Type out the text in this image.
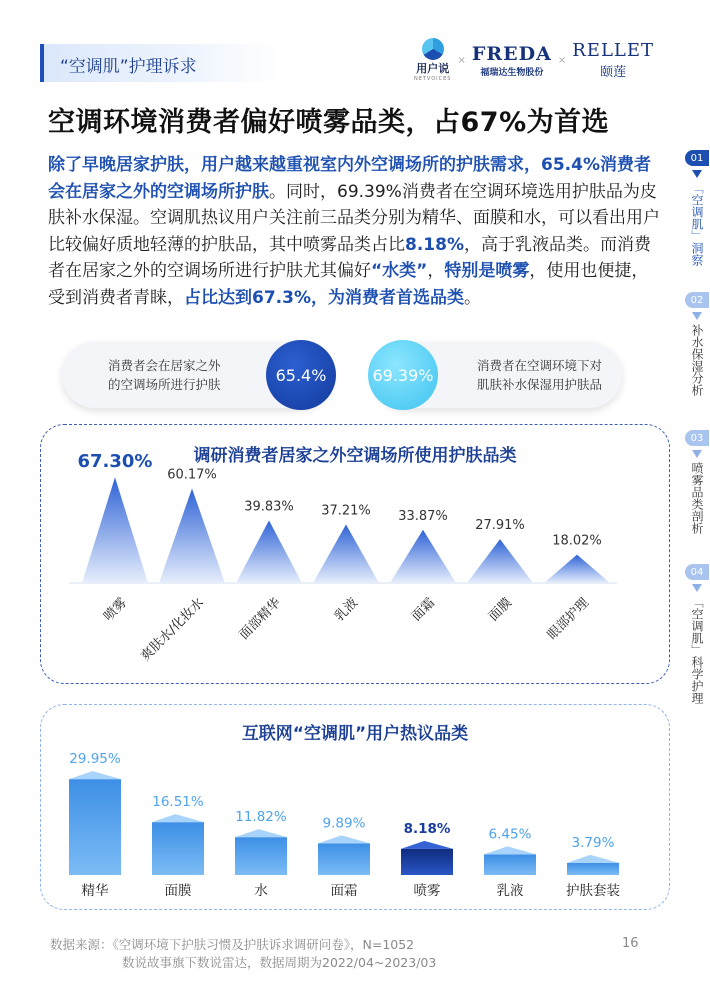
“空调肌”护理诉求	用户说
NETVOICES
× FREDA
福瑞达生物股份
× RELLET
颐莲
空调环境消费者偏好喷雾品类，占67%为首选
除了早晚居家护肤，用户越来越重视室内外空调场所的护肤需求，65.4%消费者会在居家之外的空调场所护肤。同时，69.39%消费者在空调环境选用护肤品为皮肤补水保湿。空调肌热议用户关注前三品类分别为精华、面膜和水，可以看出用户比较偏好质地轻薄的护肤品，其中喷雾品类占比8.18%，高于乳液品类。而消费者在居家之外的空调场所进行护肤尤其偏好“水类”，特别是喷雾，使用也便捷，受到消费者青睐，占比达到67.3%，为消费者首选品类。
消费者会在居家之外
的空调场所进行护肤	65.4%	69.39%	消费者在空调环境下对
肌肤补水保湿用护肤品
调研消费者居家之外空调场所使用护肤品类
67.30%
喷雾
60.17%
爽肤水/化妆水
39.83%
面部精华
37.21%
乳液
33.87%
面霜
27.91%
面膜
18.02%
眼部护理
互联网“空调肌”用户热议品类
29.95%
精华
16.51%
面膜
11.82%
水
9.89%
面霜
8.18%
喷雾
6.45%
乳液
3.79%
护肤套装
数据来源：《空调环境下护肤习惯及护肤诉求调研问卷》，N=1052
数说故事旗下数说雷达，数据周期为2022/04~2023/03
16
01
「空调肌」洞察
02
补水保湿分析
03
喷雾品类剖析
04
「空调肌」科学护理
